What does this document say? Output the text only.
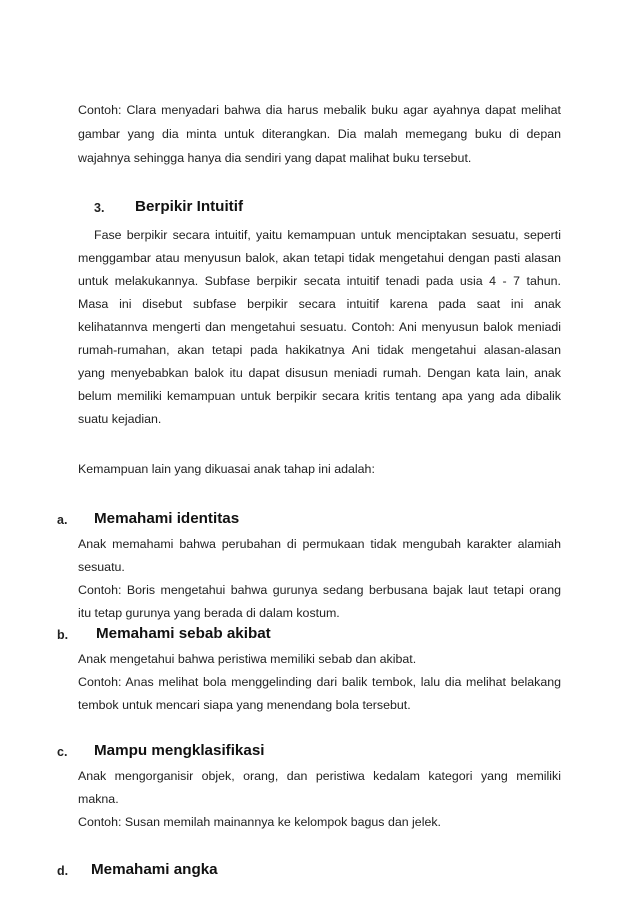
Contoh: Clara menyadari bahwa dia harus mebalik buku agar ayahnya dapat melihat
gambar yang dia minta untuk diterangkan. Dia malah memegang buku di depan
wajahnya sehingga hanya dia sendiri yang dapat malihat buku tersebut.
3. Berpikir Intuitif
Fase berpikir secara intuitif, yaitu kemampuan untuk menciptakan sesuatu, seperti
menggambar atau menyusun balok, akan tetapi tidak mengetahui dengan pasti alasan
untuk melakukannya. Subfase berpikir secata intuitif tenadi pada usia 4 - 7 tahun.
Masa ini disebut subfase berpikir secara intuitif karena pada saat ini anak
kelihatannva mengerti dan mengetahui sesuatu. Contoh: Ani menyusun balok meniadi
rumah-rumahan, akan tetapi pada hakikatnya Ani tidak mengetahui alasan-alasan
yang menyebabkan balok itu dapat disusun meniadi rumah. Dengan kata lain, anak
belum memiliki kemampuan untuk berpikir secara kritis tentang apa yang ada dibalik
suatu kejadian.
Kemampuan lain yang dikuasai anak tahap ini adalah:
a. Memahami identitas
Anak memahami bahwa perubahan di permukaan tidak mengubah karakter alamiah
sesuatu.
Contoh: Boris mengetahui bahwa gurunya sedang berbusana bajak laut tetapi orang
itu tetap gurunya yang berada di dalam kostum.
b. Memahami sebab akibat
Anak mengetahui bahwa peristiwa memiliki sebab dan akibat.
Contoh: Anas melihat bola menggelinding dari balik tembok, lalu dia melihat belakang
tembok untuk mencari siapa yang menendang bola tersebut.
c. Mampu mengklasifikasi
Anak mengorganisir objek, orang, dan peristiwa kedalam kategori yang memiliki
makna.
Contoh: Susan memilah mainannya ke kelompok bagus dan jelek.
d. Memahami angka
